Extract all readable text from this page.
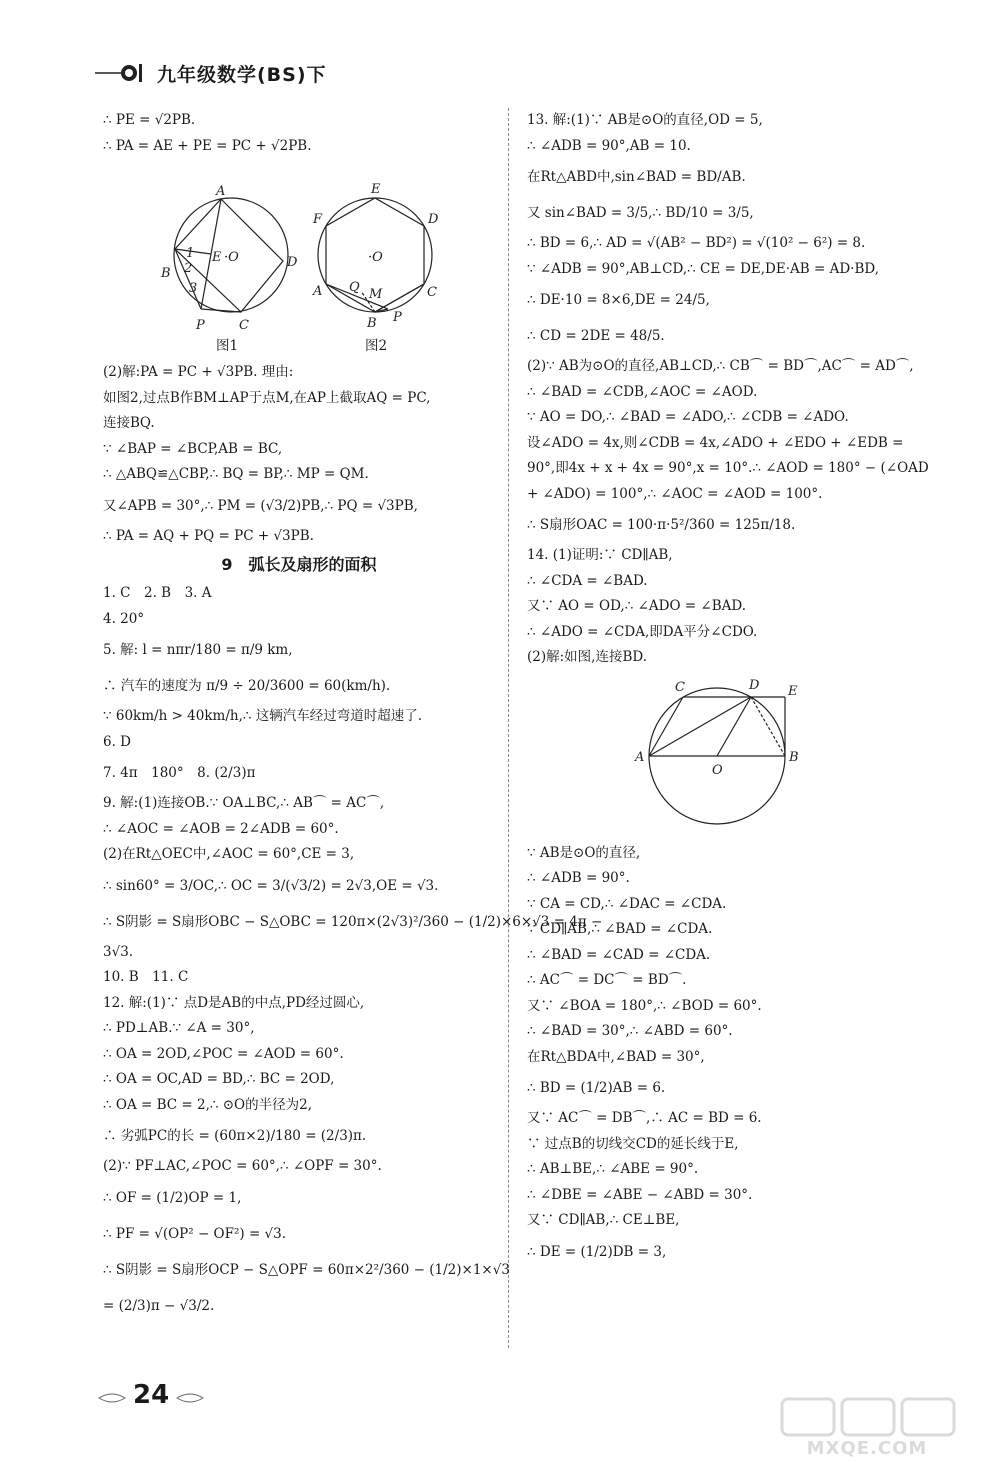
九年级数学(BS)下
∴ PE = √2PB.
∴ PA = AE + PE = PC + √2PB.
A
E	D
B
1
2
3
·O
P	C
E
F	D
·O
Q M
A	C
B P
图1	图2
(2)解:PA = PC + √3PB. 理由:
如图2,过点B作BM⊥AP于点M,在AP上截取AQ = PC,
连接BQ.
∵ ∠BAP = ∠BCP,AB = BC,
∴ △ABQ≌△CBP,∴ BQ = BP,∴ MP = QM.
又∠APB = 30°,∴ PM = (√3/2)PB,∴ PQ = √3PB,
∴ PA = AQ + PQ = PC + √3PB.
9　弧长及扇形的面积
1. C　2. B　3. A
4. 20°
5. 解: l = nπr/180 = π/9 km,
∴ 汽车的速度为 π/9 ÷ 20/3600 = 60(km/h).
∵ 60km/h > 40km/h,∴ 这辆汽车经过弯道时超速了.
6. D
7. 4π　180°　8. (2/3)π
9. 解:(1)连接OB.∵ OA⊥BC,∴ AB⌒ = AC⌒,
∴ ∠AOC = ∠AOB = 2∠ADB = 60°.
(2)在Rt△OEC中,∠AOC = 60°,CE = 3,
∴ sin60° = 3/OC,∴ OC = 3/(√3/2) = 2√3,OE = √3.
∴ S阴影 = S扇形OBC − S△OBC = 120π×(2√3)²/360 − (1/2)×6×√3 = 4π −
3√3.
10. B　11. C
12. 解:(1)∵ 点D是AB的中点,PD经过圆心,
∴ PD⊥AB.∵ ∠A = 30°,
∴ OA = 2OD,∠POC = ∠AOD = 60°.
∴ OA = OC,AD = BD,∴ BC = 2OD,
∴ OA = BC = 2,∴ ⊙O的半径为2,
∴ 劣弧PC的长 = (60π×2)/180 = (2/3)π.
(2)∵ PF⊥AC,∠POC = 60°,∴ ∠OPF = 30°.
∴ OF = (1/2)OP = 1,
∴ PF = √(OP² − OF²) = √3.
∴ S阴影 = S扇形OCP − S△OPF = 60π×2²/360 − (1/2)×1×√3
= (2/3)π − √3/2.
13. 解:(1)∵ AB是⊙O的直径,OD = 5,
∴ ∠ADB = 90°,AB = 10.
在Rt△ABD中,sin∠BAD = BD/AB.
又 sin∠BAD = 3/5,∴ BD/10 = 3/5,
∴ BD = 6,∴ AD = √(AB² − BD²) = √(10² − 6²) = 8.
∵ ∠ADB = 90°,AB⊥CD,∴ CE = DE,DE·AB = AD·BD,
∴ DE·10 = 8×6,DE = 24/5,
∴ CD = 2DE = 48/5.
(2)∵ AB为⊙O的直径,AB⊥CD,∴ CB⌒ = BD⌒,AC⌒ = AD⌒,
∴ ∠BAD = ∠CDB,∠AOC = ∠AOD.
∵ AO = DO,∴ ∠BAD = ∠ADO,∴ ∠CDB = ∠ADO.
设∠ADO = 4x,则∠CDB = 4x,∠ADO + ∠EDO + ∠EDB =
90°,即4x + x + 4x = 90°,x = 10°.∴ ∠AOD = 180° − (∠OAD
+ ∠ADO) = 100°,∴ ∠AOC = ∠AOD = 100°.
∴ S扇形OAC = 100·π·5²/360 = 125π/18.
14. (1)证明:∵ CD∥AB,
∴ ∠CDA = ∠BAD.
又∵ AO = OD,∴ ∠ADO = ∠BAD.
∴ ∠ADO = ∠CDA,即DA平分∠CDO.
(2)解:如图,连接BD.
C	D E
A
O
B
∵ AB是⊙O的直径,
∴ ∠ADB = 90°.
∵ CA = CD,∴ ∠DAC = ∠CDA.
∵ CD∥AB,∴ ∠BAD = ∠CDA.
∴ ∠BAD = ∠CAD = ∠CDA.
∴ AC⌒ = DC⌒ = BD⌒.
又∵ ∠BOA = 180°,∴ ∠BOD = 60°.
∴ ∠BAD = 30°,∴ ∠ABD = 60°.
在Rt△BDA中,∠BAD = 30°,
∴ BD = (1/2)AB = 6.
又∵ AC⌒ = DB⌒,∴ AC = BD = 6.
∵ 过点B的切线交CD的延长线于E,
∴ AB⊥BE,∴ ∠ABE = 90°.
∴ ∠DBE = ∠ABE − ∠ABD = 30°.
又∵ CD∥AB,∴ CE⊥BE,
∴ DE = (1/2)DB = 3,
24
MXQE.COM
